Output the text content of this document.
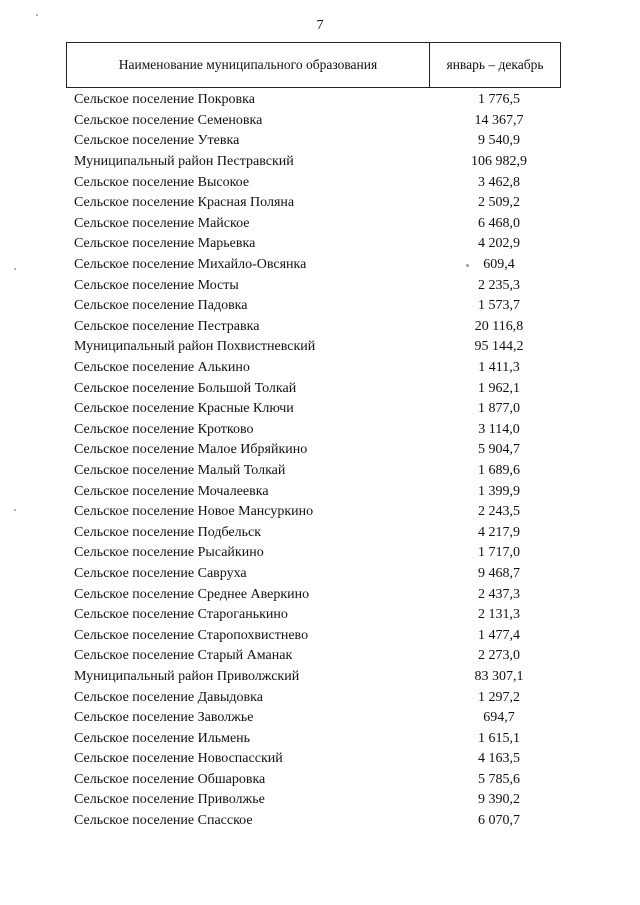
7
Наименование муниципального образования	январь – декабрь
Сельское поселение Покровка	1 776,5
Сельское поселение Семеновка	14 367,7
Сельское поселение Утевка	9 540,9
Муниципальный район Пестравский	106 982,9
Сельское поселение Высокое	3 462,8
Сельское поселение Красная Поляна	2 509,2
Сельское поселение Майское	6 468,0
Сельское поселение Марьевка	4 202,9
Сельское поселение Михайло-Овсянка	609,4
Сельское поселение Мосты	2 235,3
Сельское поселение Падовка	1 573,7
Сельское поселение Пестравка	20 116,8
Муниципальный район Похвистневский	95 144,2
Сельское поселение Алькино	1 411,3
Сельское поселение Большой Толкай	1 962,1
Сельское поселение Красные Ключи	1 877,0
Сельское поселение Кротково	3 114,0
Сельское поселение Малое Ибряйкино	5 904,7
Сельское поселение Малый Толкай	1 689,6
Сельское поселение Мочалеевка	1 399,9
Сельское поселение Новое Мансуркино	2 243,5
Сельское поселение Подбельск	4 217,9
Сельское поселение Рысайкино	1 717,0
Сельское поселение Савруха	9 468,7
Сельское поселение Среднее Аверкино	2 437,3
Сельское поселение Староганькино	2 131,3
Сельское поселение Старопохвистнево	1 477,4
Сельское поселение Старый Аманак	2 273,0
Муниципальный район Приволжский	83 307,1
Сельское поселение Давыдовка	1 297,2
Сельское поселение Заволжье	694,7
Сельское поселение Ильмень	1 615,1
Сельское поселение Новоспасский	4 163,5
Сельское поселение Обшаровка	5 785,6
Сельское поселение Приволжье	9 390,2
Сельское поселение Спасское	6 070,7
